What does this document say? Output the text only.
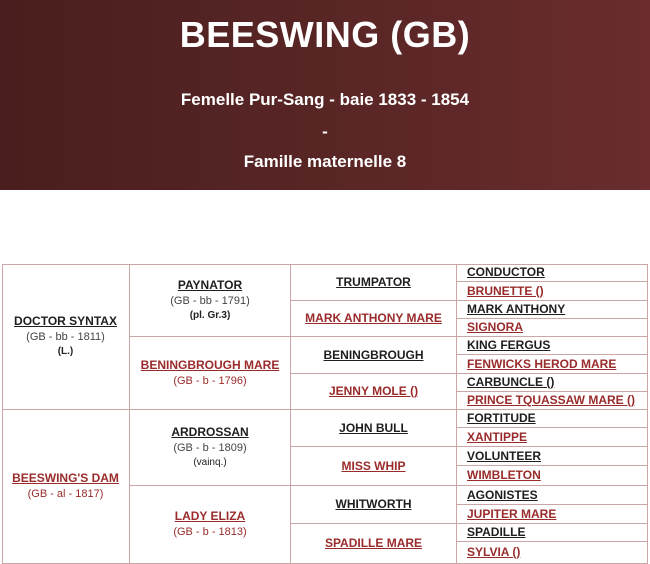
BEESWING (GB)
Femelle Pur-Sang - baie 1833 - 1854
-
Famille maternelle 8
DOCTOR SYNTAX
(GB - bb - 1811)
(L.)
BEESWING'S DAM
(GB - al - 1817)
PAYNATOR
(GB - bb - 1791)
(pl. Gr.3)
BENINGBROUGH MARE
(GB - b - 1796)
ARDROSSAN
(GB - b - 1809)
(vainq.)
LADY ELIZA
(GB - b - 1813)
TRUMPATOR
MARK ANTHONY MARE
BENINGBROUGH
JENNY MOLE ()
JOHN BULL
MISS WHIP
WHITWORTH
SPADILLE MARE
CONDUCTOR
BRUNETTE ()
MARK ANTHONY
SIGNORA
KING FERGUS
FENWICKS HEROD MARE
CARBUNCLE ()
PRINCE TQUASSAW MARE ()
FORTITUDE
XANTIPPE
VOLUNTEER
WIMBLETON
AGONISTES
JUPITER MARE
SPADILLE
SYLVIA ()
